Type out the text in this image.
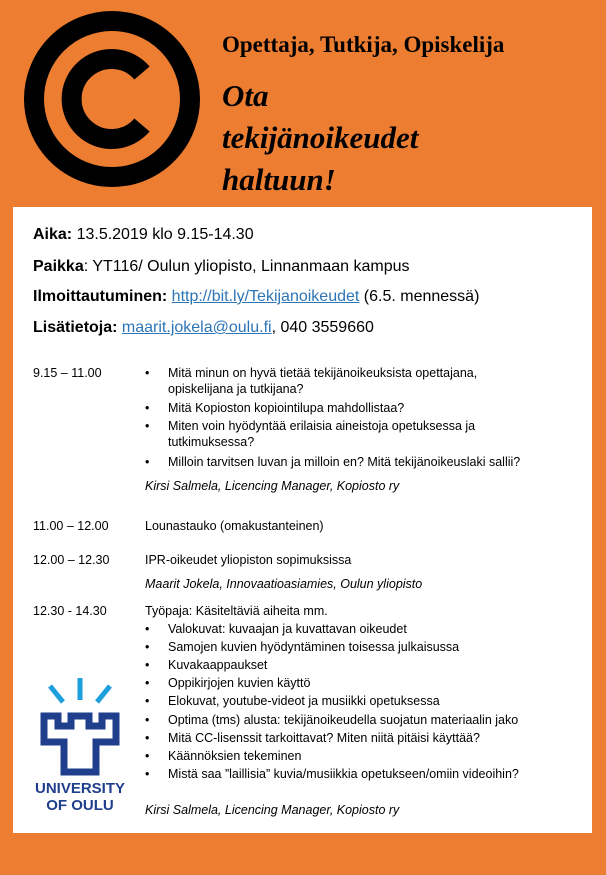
Opettaja, Tutkija, Opiskelija
Ota
tekijänoikeudet
haltuun!
Aika: 13.5.2019 klo 9.15-14.30
Paikka: YT116/ Oulun yliopisto, Linnanmaan kampus
Ilmoittautuminen: http://bit.ly/Tekijanoikeudet (6.5. mennessä)
Lisätietoja: maarit.jokela@oulu.fi, 040 3559660
9.15 – 11.00	• Mitä minun on hyvä tietää tekijänoikeuksista opettajana,
opiskelijana ja tutkijana?
• Mitä Kopioston kopiointilupa mahdollistaa?
• Miten voin hyödyntää erilaisia aineistoja opetuksessa ja
tutkimuksessa?
• Milloin tarvitsen luvan ja milloin en? Mitä tekijänoikeuslaki sallii?
Kirsi Salmela, Licencing Manager, Kopiosto ry
11.00 – 12.00	Lounastauko (omakustanteinen)
12.00 – 12.30	IPR-oikeudet yliopiston sopimuksissa
Maarit Jokela, Innovaatioasiamies, Oulun yliopisto
12.30 - 14.30	Työpaja: Käsiteltäviä aiheita mm.
• Valokuvat: kuvaajan ja kuvattavan oikeudet
• Samojen kuvien hyödyntäminen toisessa julkaisussa
• Kuvakaappaukset
• Oppikirjojen kuvien käyttö
• Elokuvat, youtube-videot ja musiikki opetuksessa
• Optima (tms) alusta: tekijänoikeudella suojatun materiaalin jako
• Mitä CC-lisenssit tarkoittavat? Miten niitä pitäisi käyttää?
• Käännöksien tekeminen
• Mistä saa ”laillisia” kuvia/musiikkia opetukseen/omiin videoihin?
Kirsi Salmela, Licencing Manager, Kopiosto ry
UNIVERSITY
OF OULU
